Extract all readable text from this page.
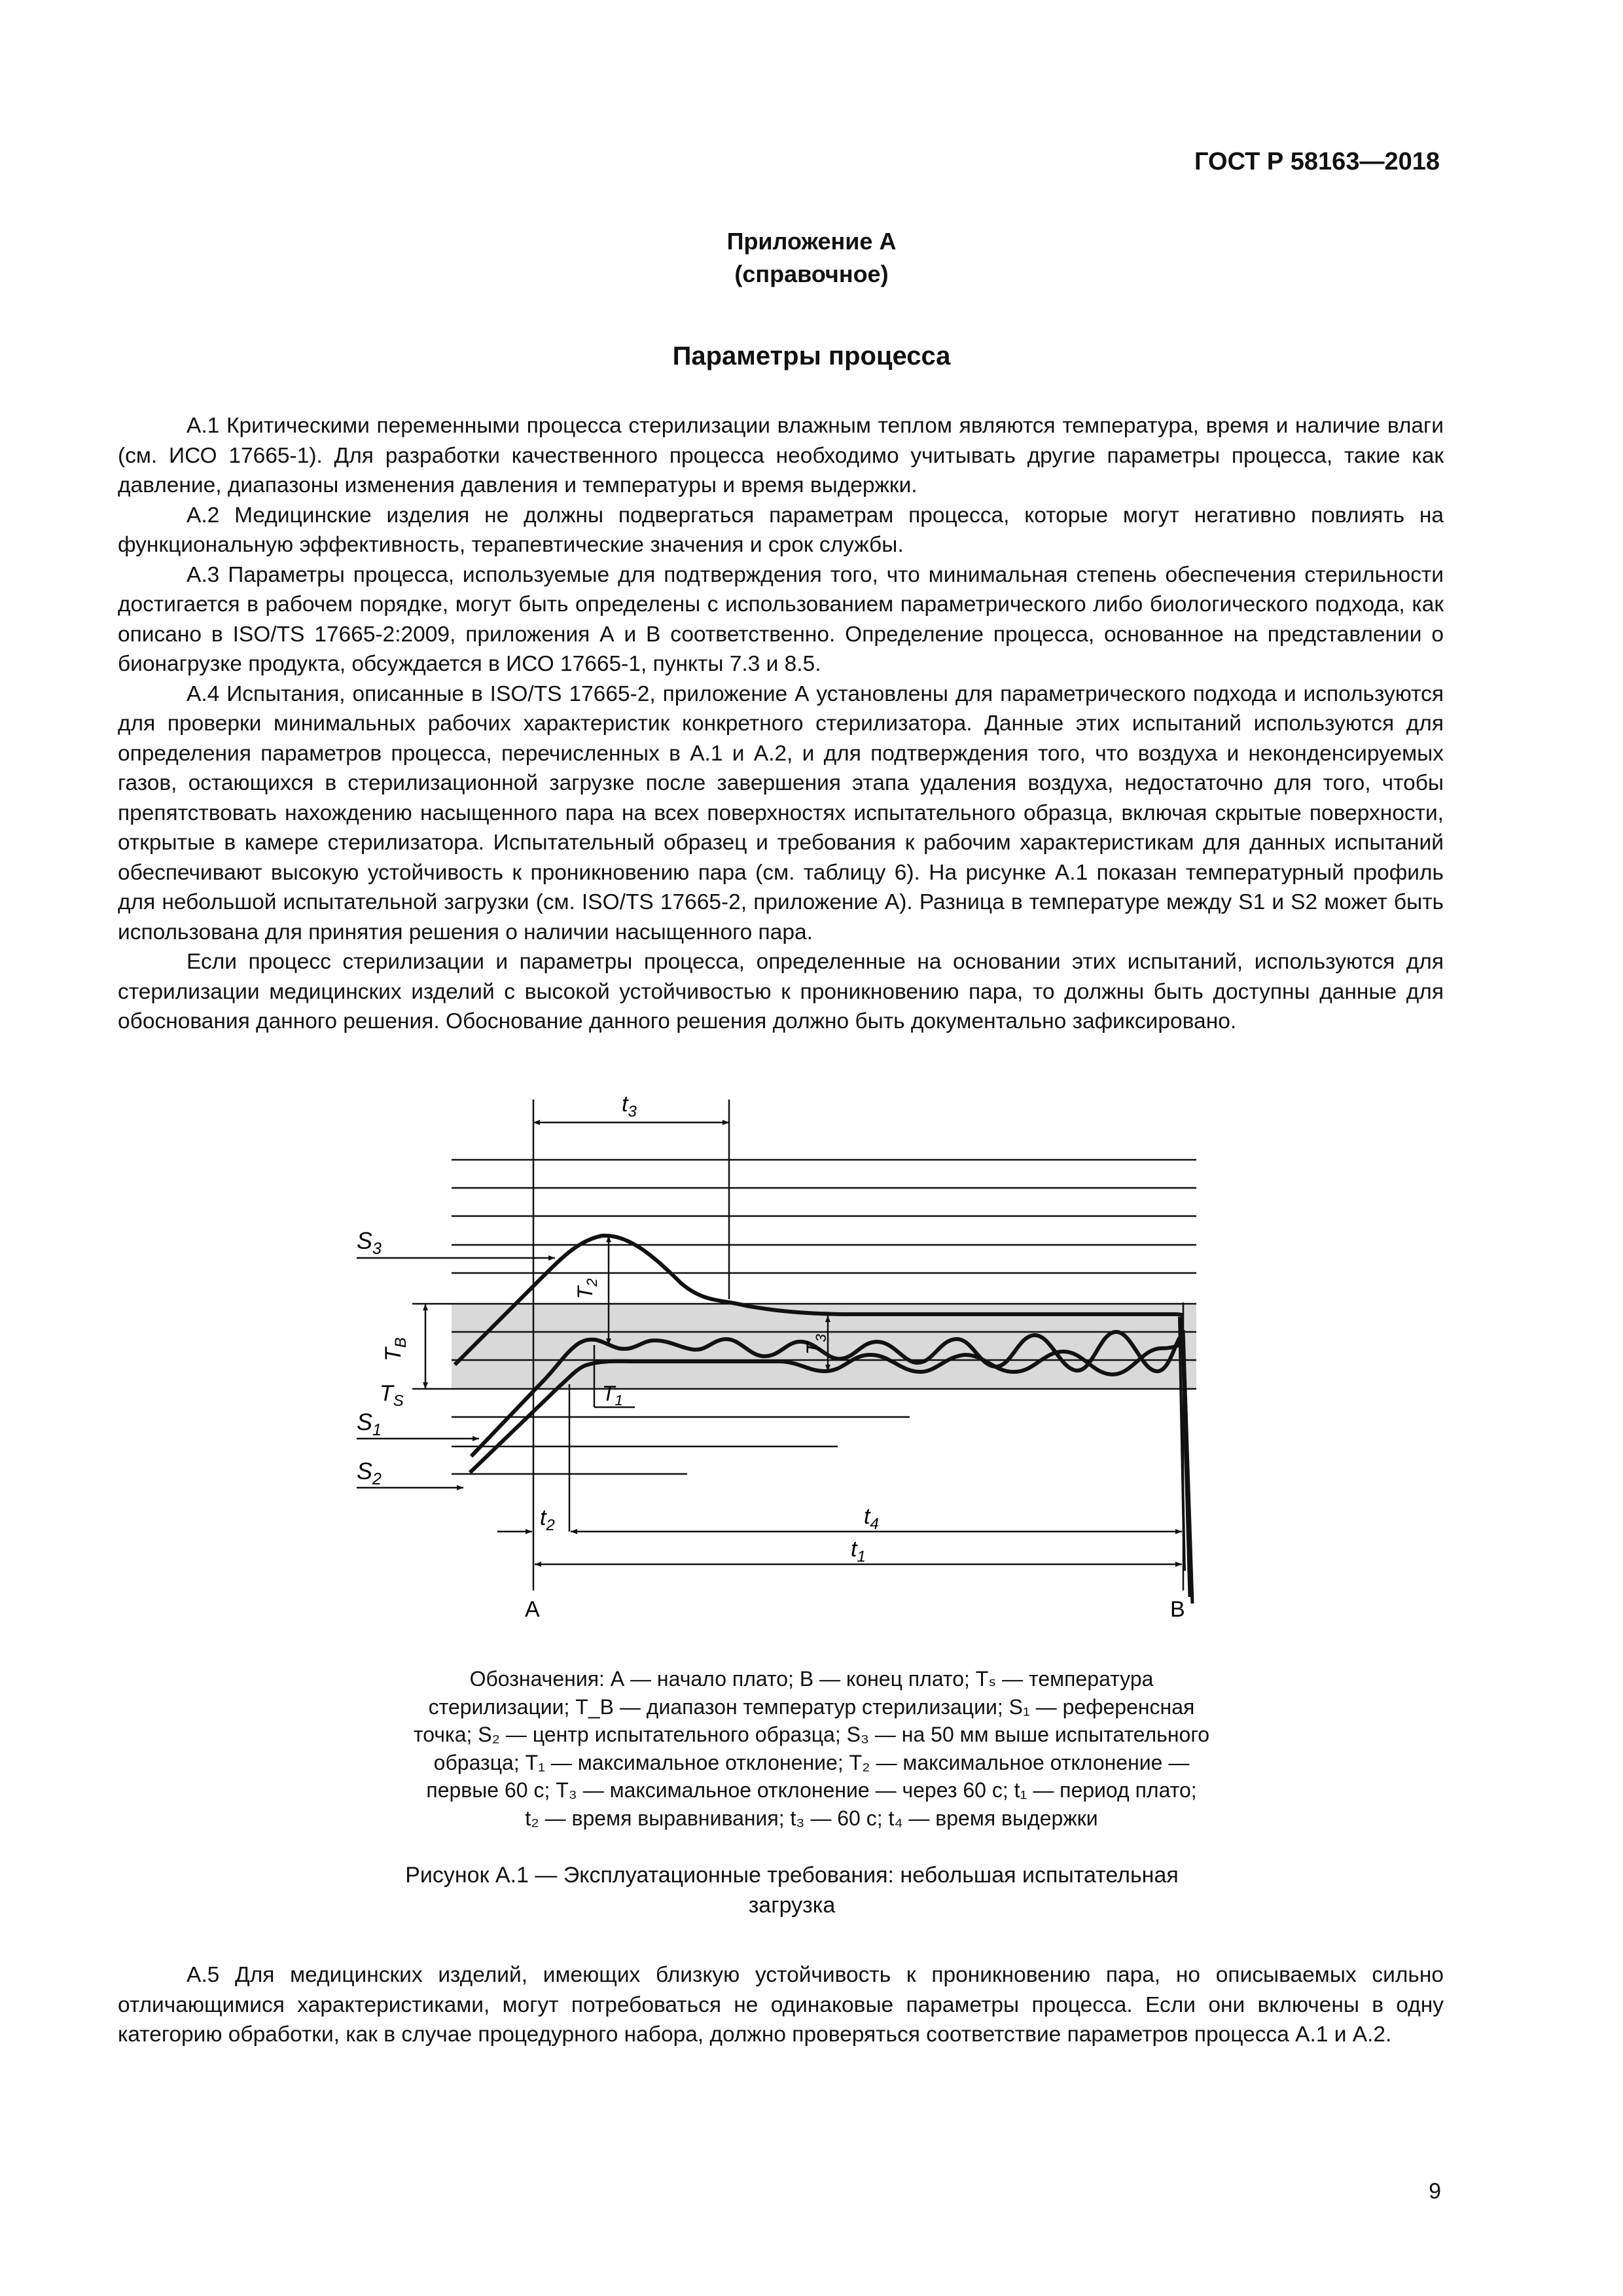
ГОСТ Р 58163—2018
Приложение А
(справочное)
Параметры процесса

А.1 Критическими переменными процесса стерилизации влажным теплом являются температура, время и наличие влаги (см. ИСО 17665-1). Для разработки качественного процесса необходимо учитывать другие параметры процесса, такие как давление, диапазоны изменения давления и температуры и время выдержки.

А.2 Медицинские изделия не должны подвергаться параметрам процесса, которые могут негативно повлиять на функциональную эффективность, терапевтические значения и срок службы.

А.3 Параметры процесса, используемые для подтверждения того, что минимальная степень обеспечения стерильности достигается в рабочем порядке, могут быть определены с использованием параметрического либо биологического подхода, как описано в ISO/TS 17665-2:2009, приложения А и В соответственно. Определение процесса, основанное на представлении о бионагрузке продукта, обсуждается в ИСО 17665-1, пункты 7.3 и 8.5.

А.4 Испытания, описанные в ISO/TS 17665-2, приложение А установлены для параметрического подхода и используются для проверки минимальных рабочих характеристик конкретного стерилизатора. Данные этих испытаний используются для определения параметров процесса, перечисленных в А.1 и А.2, и для подтверждения того, что воздуха и неконденсируемых газов, остающихся в стерилизационной загрузке после завершения этапа удаления воздуха, недостаточно для того, чтобы препятствовать нахождению насыщенного пара на всех поверхностях испытательного образца, включая скрытые поверхности, открытые в камере стерилизатора. Испытательный образец и требования к рабочим характеристикам для данных испытаний обеспечивают высокую устойчивость к проникновению пара (см. таблицу 6). На рисунке А.1 показан температурный профиль для небольшой испытательной загрузки (см. ISO/TS 17665-2, приложение А). Разница в температуре между S1 и S2 может быть использована для принятия решения о наличии насыщенного пара.

Если процесс стерилизации и параметры процесса, определенные на основании этих испытаний, используются для стерилизации медицинских изделий с высокой устойчивостью к проникновению пара, то должны быть доступны данные для обоснования данного решения. Обоснование данного решения должно быть документально зафиксировано.

$t_3$
$T_2$
$T_3$
$T_1$
$T_B$
$T_S$
$S_3$
$S_1$
$S_2$
$t_2$	$t_4$
$t_1$
A	B
Обозначения: А — начало плато; В — конец плато; Tₛ — температура
стерилизации; T_B — диапазон температур стерилизации; S₁ — референсная
точка; S₂ — центр испытательного образца; S₃ — на 50 мм выше испытательного
образца; T₁ — максимальное отклонение; T₂ — максимальное отклонение —
первые 60 с; T₃ — максимальное отклонение — через 60 с; t₁ — период плато;
t₂ — время выравнивания; t₃ — 60 с; t₄ — время выдержки
Рисунок А.1 — Эксплуатационные требования: небольшая испытательная
загрузка

А.5 Для медицинских изделий, имеющих близкую устойчивость к проникновению пара, но описываемых сильно отличающимися характеристиками, могут потребоваться не одинаковые параметры процесса. Если они включены в одну категорию обработки, как в случае процедурного набора, должно проверяться соответствие параметров процесса А.1 и А.2.

9
